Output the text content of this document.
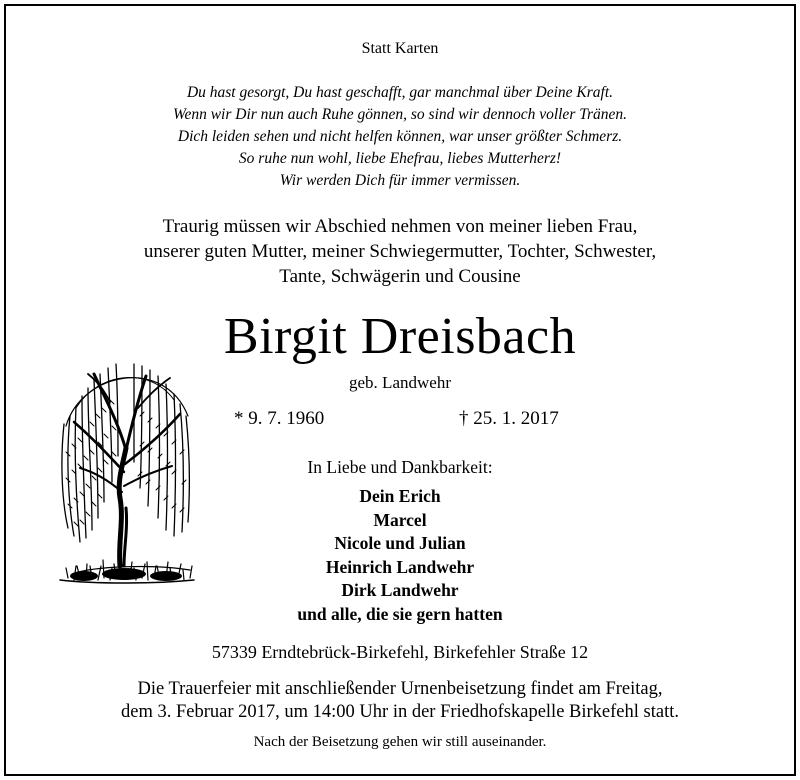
Statt Karten
Du hast gesorgt, Du hast geschafft, gar manchmal über Deine Kraft.
Wenn wir Dir nun auch Ruhe gönnen, so sind wir dennoch voller Tränen.
Dich leiden sehen und nicht helfen können, war unser größter Schmerz.
So ruhe nun wohl, liebe Ehefrau, liebes Mutterherz!
Wir werden Dich für immer vermissen.
Traurig müssen wir Abschied nehmen von meiner lieben Frau,
unserer guten Mutter, meiner Schwiegermutter, Tochter, Schwester,
Tante, Schwägerin und Cousine
Birgit Dreisbach
geb. Landwehr
* 9. 7. 1960	† 25. 1. 2017
In Liebe und Dankbarkeit:
Dein Erich
Marcel
Nicole und Julian
Heinrich Landwehr
Dirk Landwehr
und alle, die sie gern hatten
57339 Erndtebrück-Birkefehl, Birkefehler Straße 12
Die Trauerfeier mit anschließender Urnenbeisetzung findet am Freitag,
dem 3. Februar 2017, um 14:00 Uhr in der Friedhofskapelle Birkefehl statt.
Nach der Beisetzung gehen wir still auseinander.
